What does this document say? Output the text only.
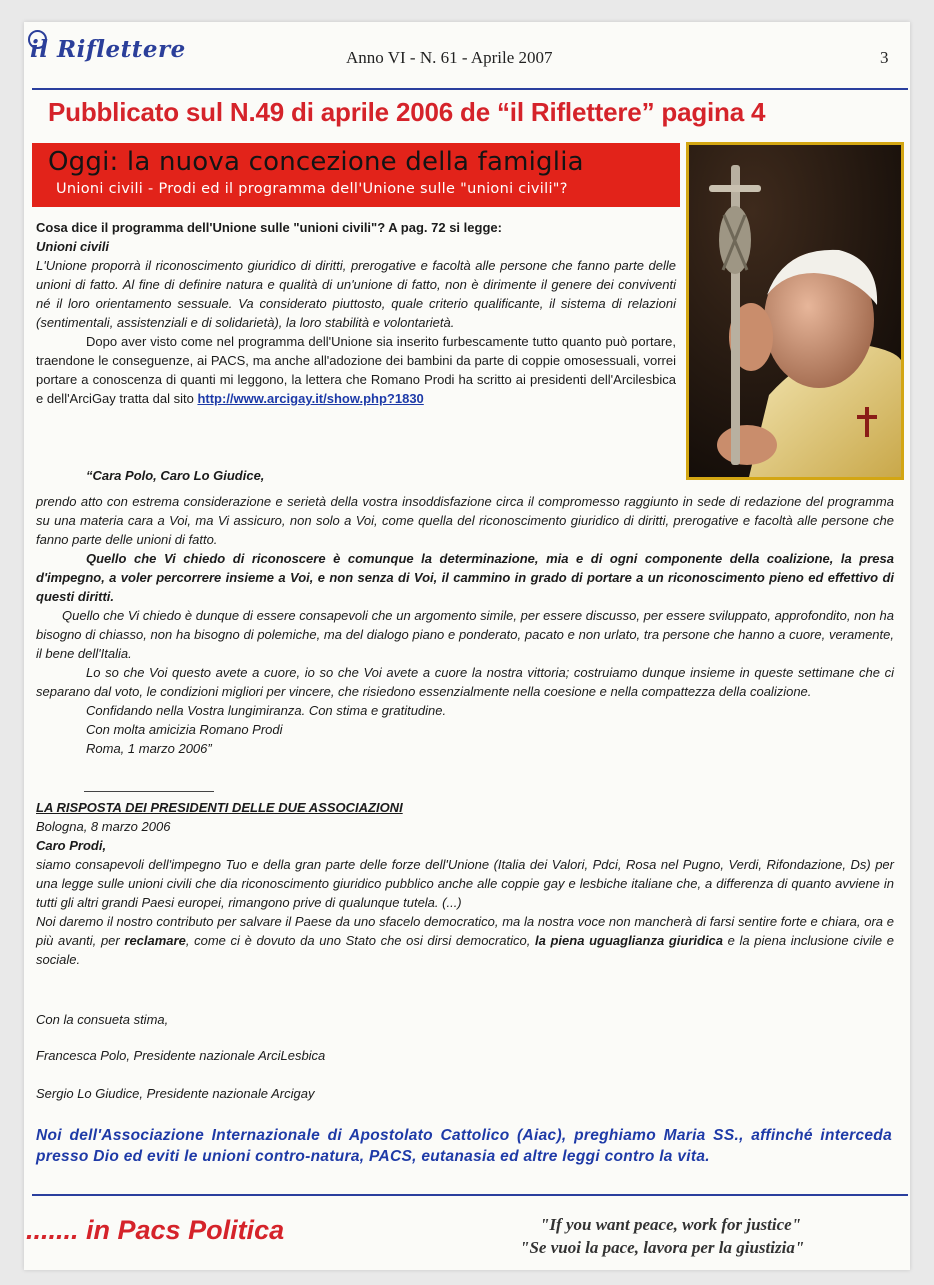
il Riflettere	Anno VI - N. 61 - Aprile 2007	3
Pubblicato sul N.49 di aprile 2006 de “il Riflettere” pagina 4
Oggi: la nuova concezione della famiglia
Unioni civili - Prodi ed il programma dell'Unione sulle "unioni civili"?
Cosa dice il programma dell'Unione sulle "unioni civili"? A pag. 72 si legge:
Unioni civili
L'Unione proporrà il riconoscimento giuridico di diritti, prerogative e facoltà alle persone che fanno parte delle unioni di fatto. Al fine di definire natura e qualità di un'unione di fatto, non è dirimente il genere dei conviventi né il loro orientamento sessuale. Va considerato piuttosto, quale criterio qualificante, il sistema di relazioni (sentimentali, assistenziali e di solidarietà), la loro stabilità e volontarietà.
Dopo aver visto come nel programma dell'Unione sia inserito furbescamente tutto quanto può portare, traendone le conseguenze, ai PACS, ma anche all'adozione dei bambini da parte di coppie omosessuali, vorrei portare a conoscenza di quanti mi leggono, la lettera che Romano Prodi ha scritto ai presidenti dell'Arcilesbica e dell'ArciGay tratta dal sito http://www.arcigay.it/show.php?1830
“Cara Polo, Caro Lo Giudice,
prendo atto con estrema considerazione e serietà della vostra insoddisfazione circa il compromesso raggiunto in sede di redazione del programma su una materia cara a Voi, ma Vi assicuro, non solo a Voi, come quella del riconoscimento giuridico di diritti, prerogative e facoltà alle persone che fanno parte delle unioni di fatto.
Quello che Vi chiedo di riconoscere è comunque la determinazione, mia e di ogni componente della coalizione, la presa d'impegno, a voler percorrere insieme a Voi, e non senza di Voi, il cammino in grado di portare a un riconoscimento pieno ed effettivo di questi diritti.
Quello che Vi chiedo è dunque di essere consapevoli che un argomento simile, per essere discusso, per essere sviluppato, approfondito, non ha bisogno di chiasso, non ha bisogno di polemiche, ma del dialogo piano e ponderato, pacato e non urlato, tra persone che hanno a cuore, veramente, il bene dell'Italia.
Lo so che Voi questo avete a cuore, io so che Voi avete a cuore la nostra vittoria; costruiamo dunque insieme in queste settimane che ci separano dal voto, le condizioni migliori per vincere, che risiedono essenzialmente nella coesione e nella compattezza della coalizione.
Confidando nella Vostra lungimiranza. Con stima e gratitudine.
Con molta amicizia Romano Prodi
Roma, 1 marzo 2006”
LA RISPOSTA DEI PRESIDENTI DELLE DUE ASSOCIAZIONI
Bologna, 8 marzo 2006
Caro Prodi,
siamo consapevoli dell'impegno Tuo e della gran parte delle forze dell'Unione (Italia dei Valori, Pdci, Rosa nel Pugno, Verdi, Rifondazione, Ds) per una legge sulle unioni civili che dia riconoscimento giuridico pubblico anche alle coppie gay e lesbiche italiane che, a differenza di quanto avviene in tutti gli altri grandi Paesi europei, rimangono prive di qualunque tutela. (...)
Noi daremo il nostro contributo per salvare il Paese da uno sfacelo democratico, ma la nostra voce non mancherà di farsi sentire forte e chiara, ora e più avanti, per reclamare, come ci è dovuto da uno Stato che osi dirsi democratico, la piena uguaglianza giuridica e la piena inclusione civile e sociale.
Con la consueta stima,
Francesca Polo, Presidente nazionale ArciLesbica
Sergio Lo Giudice, Presidente nazionale Arcigay
Noi dell'Associazione Internazionale di Apostolato Cattolico (Aiac), preghiamo Maria SS., affinché interceda presso Dio ed eviti le unioni contro-natura, PACS, eutanasia ed altre leggi contro la vita.
....... in Pacs Politica	"If you want peace, work for justice"
"Se vuoi la pace, lavora per la giustizia"
